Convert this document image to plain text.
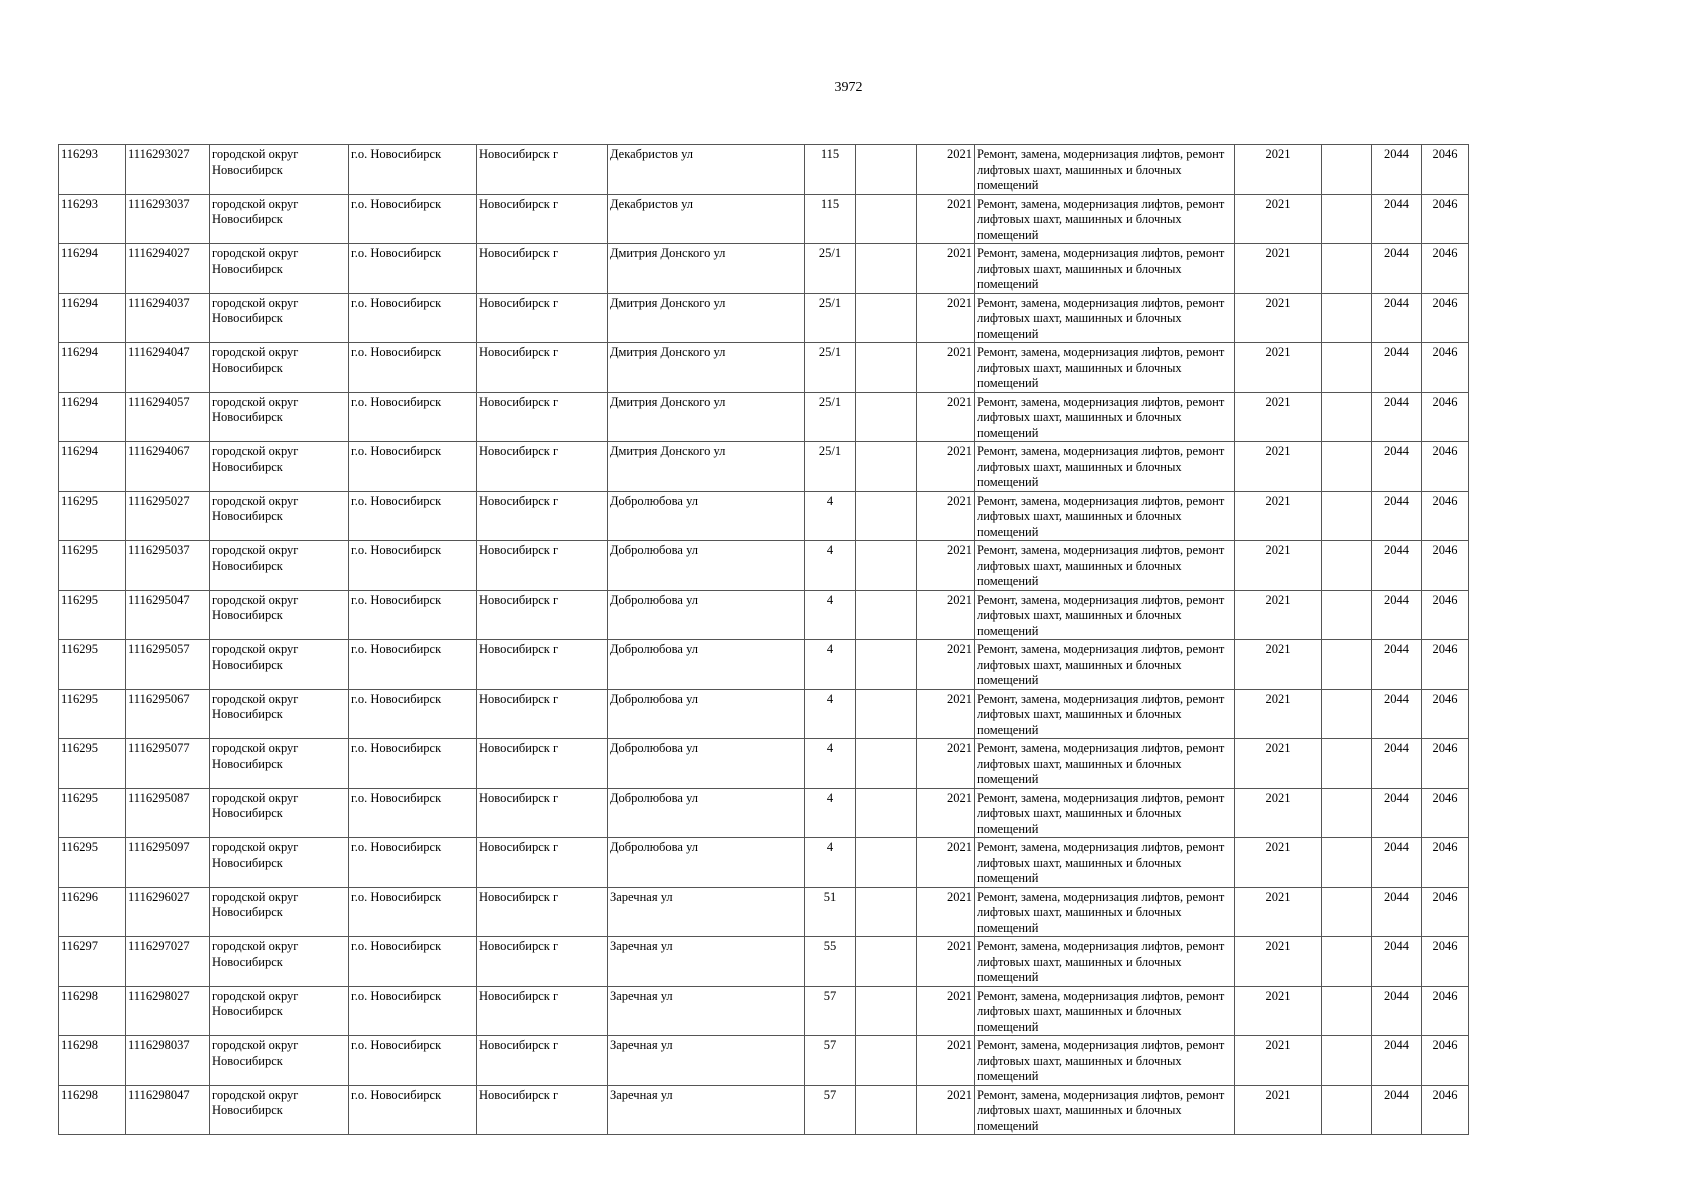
3972
116293	1116293027	городской округ Новосибирск	г.о. Новосибирск	Новосибирск г	Декабристов ул	115		2021	Ремонт, замена, модернизация лифтов, ремонт лифтовых шахт, машинных и блочных помещений	2021		2044	2046
116293	1116293037	городской округ Новосибирск	г.о. Новосибирск	Новосибирск г	Декабристов ул	115		2021	Ремонт, замена, модернизация лифтов, ремонт лифтовых шахт, машинных и блочных помещений	2021		2044	2046
116294	1116294027	городской округ Новосибирск	г.о. Новосибирск	Новосибирск г	Дмитрия Донского ул	25/1		2021	Ремонт, замена, модернизация лифтов, ремонт лифтовых шахт, машинных и блочных помещений	2021		2044	2046
116294	1116294037	городской округ Новосибирск	г.о. Новосибирск	Новосибирск г	Дмитрия Донского ул	25/1		2021	Ремонт, замена, модернизация лифтов, ремонт лифтовых шахт, машинных и блочных помещений	2021		2044	2046
116294	1116294047	городской округ Новосибирск	г.о. Новосибирск	Новосибирск г	Дмитрия Донского ул	25/1		2021	Ремонт, замена, модернизация лифтов, ремонт лифтовых шахт, машинных и блочных помещений	2021		2044	2046
116294	1116294057	городской округ Новосибирск	г.о. Новосибирск	Новосибирск г	Дмитрия Донского ул	25/1		2021	Ремонт, замена, модернизация лифтов, ремонт лифтовых шахт, машинных и блочных помещений	2021		2044	2046
116294	1116294067	городской округ Новосибирск	г.о. Новосибирск	Новосибирск г	Дмитрия Донского ул	25/1		2021	Ремонт, замена, модернизация лифтов, ремонт лифтовых шахт, машинных и блочных помещений	2021		2044	2046
116295	1116295027	городской округ Новосибирск	г.о. Новосибирск	Новосибирск г	Добролюбова ул	4		2021	Ремонт, замена, модернизация лифтов, ремонт лифтовых шахт, машинных и блочных помещений	2021		2044	2046
116295	1116295037	городской округ Новосибирск	г.о. Новосибирск	Новосибирск г	Добролюбова ул	4		2021	Ремонт, замена, модернизация лифтов, ремонт лифтовых шахт, машинных и блочных помещений	2021		2044	2046
116295	1116295047	городской округ Новосибирск	г.о. Новосибирск	Новосибирск г	Добролюбова ул	4		2021	Ремонт, замена, модернизация лифтов, ремонт лифтовых шахт, машинных и блочных помещений	2021		2044	2046
116295	1116295057	городской округ Новосибирск	г.о. Новосибирск	Новосибирск г	Добролюбова ул	4		2021	Ремонт, замена, модернизация лифтов, ремонт лифтовых шахт, машинных и блочных помещений	2021		2044	2046
116295	1116295067	городской округ Новосибирск	г.о. Новосибирск	Новосибирск г	Добролюбова ул	4		2021	Ремонт, замена, модернизация лифтов, ремонт лифтовых шахт, машинных и блочных помещений	2021		2044	2046
116295	1116295077	городской округ Новосибирск	г.о. Новосибирск	Новосибирск г	Добролюбова ул	4		2021	Ремонт, замена, модернизация лифтов, ремонт лифтовых шахт, машинных и блочных помещений	2021		2044	2046
116295	1116295087	городской округ Новосибирск	г.о. Новосибирск	Новосибирск г	Добролюбова ул	4		2021	Ремонт, замена, модернизация лифтов, ремонт лифтовых шахт, машинных и блочных помещений	2021		2044	2046
116295	1116295097	городской округ Новосибирск	г.о. Новосибирск	Новосибирск г	Добролюбова ул	4		2021	Ремонт, замена, модернизация лифтов, ремонт лифтовых шахт, машинных и блочных помещений	2021		2044	2046
116296	1116296027	городской округ Новосибирск	г.о. Новосибирск	Новосибирск г	Заречная ул	51		2021	Ремонт, замена, модернизация лифтов, ремонт лифтовых шахт, машинных и блочных помещений	2021		2044	2046
116297	1116297027	городской округ Новосибирск	г.о. Новосибирск	Новосибирск г	Заречная ул	55		2021	Ремонт, замена, модернизация лифтов, ремонт лифтовых шахт, машинных и блочных помещений	2021		2044	2046
116298	1116298027	городской округ Новосибирск	г.о. Новосибирск	Новосибирск г	Заречная ул	57		2021	Ремонт, замена, модернизация лифтов, ремонт лифтовых шахт, машинных и блочных помещений	2021		2044	2046
116298	1116298037	городской округ Новосибирск	г.о. Новосибирск	Новосибирск г	Заречная ул	57		2021	Ремонт, замена, модернизация лифтов, ремонт лифтовых шахт, машинных и блочных помещений	2021		2044	2046
116298	1116298047	городской округ Новосибирск	г.о. Новосибирск	Новосибирск г	Заречная ул	57		2021	Ремонт, замена, модернизация лифтов, ремонт лифтовых шахт, машинных и блочных помещений	2021		2044	2046
